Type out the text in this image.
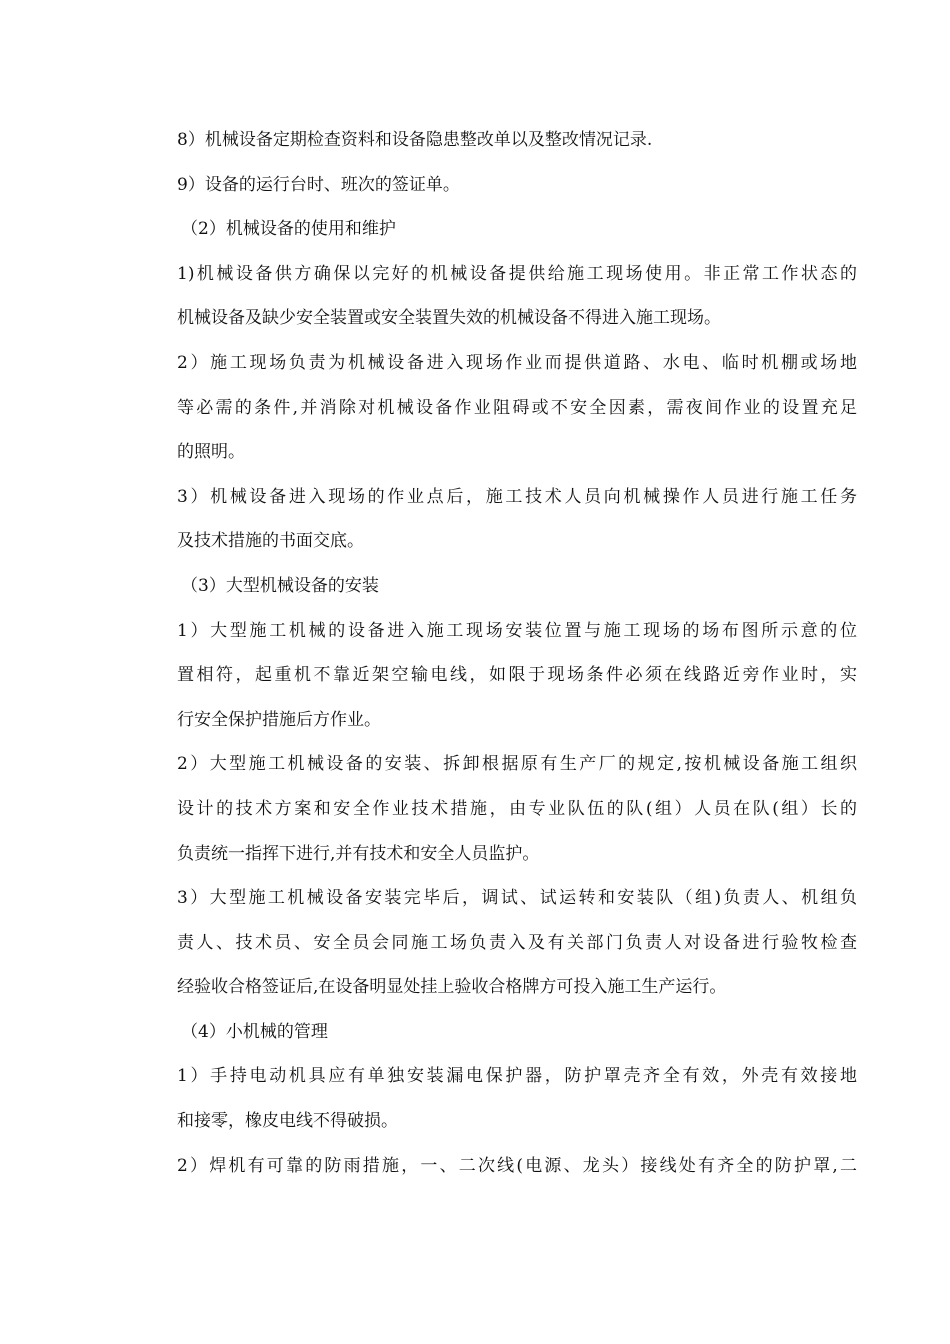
8）机械设备定期检查资料和设备隐患整改单以及整改情况记录.
9）设备的运行台时、班次的签证单。
（2）机械设备的使用和维护
1)机械设备供方确保以完好的机械设备提供给施工现场使用。非正常工作状态的
机械设备及缺少安全装置或安全装置失效的机械设备不得进入施工现场。
2）施工现场负责为机械设备进入现场作业而提供道路、水电、临时机棚或场地
等必需的条件,并消除对机械设备作业阻碍或不安全因素，需夜间作业的设置充足
的照明。
3）机械设备进入现场的作业点后，施工技术人员向机械操作人员进行施工任务
及技术措施的书面交底。
（3）大型机械设备的安装
1）大型施工机械的设备进入施工现场安装位置与施工现场的场布图所示意的位
置相符，起重机不靠近架空输电线，如限于现场条件必须在线路近旁作业时，实
行安全保护措施后方作业。
2）大型施工机械设备的安装、拆卸根据原有生产厂的规定,按机械设备施工组织
设计的技术方案和安全作业技术措施，由专业队伍的队(组）人员在队(组）长的
负责统一指挥下进行,并有技术和安全人员监护。
3）大型施工机械设备安装完毕后，调试、试运转和安装队（组)负责人、机组负
责人、技术员、安全员会同施工场负责入及有关部门负责人对设备进行验牧检查
经验收合格签证后,在设备明显处挂上验收合格牌方可投入施工生产运行。
（4）小机械的管理
1）手持电动机具应有单独安装漏电保护器，防护罩壳齐全有效，外壳有效接地
和接零，橡皮电线不得破损。
2）焊机有可靠的防雨措施，一、二次线(电源、龙头）接线处有齐全的防护罩,二
